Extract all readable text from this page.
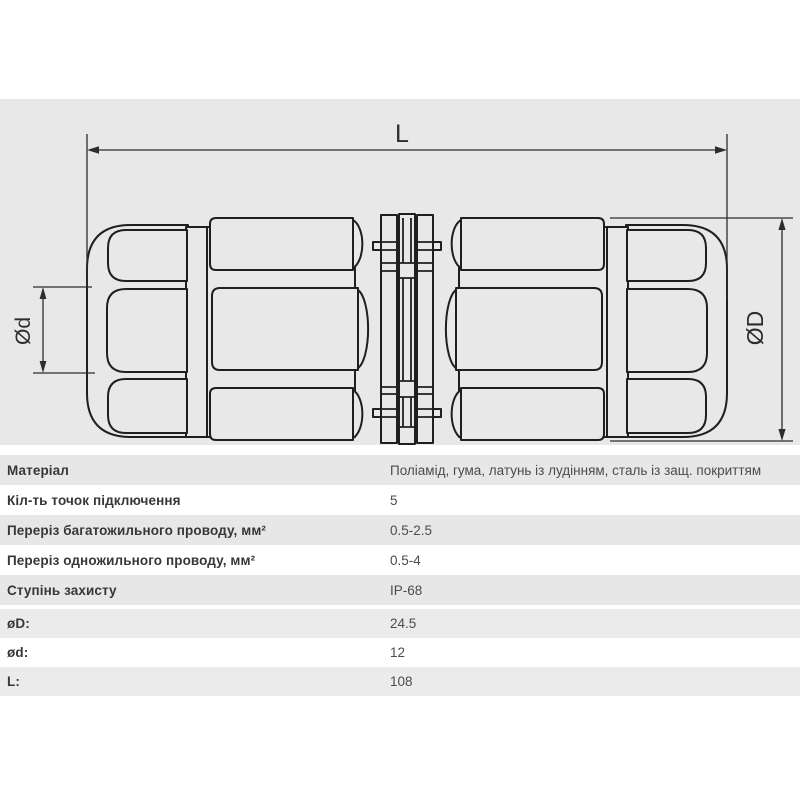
L
ØD
Ød
Матеріал	Поліамід, гума, латунь із лудінням, сталь із защ. покриттям
Кіл-ть точок підключення	5
Переріз багатожильного проводу, мм²	0.5-2.5
Переріз одножильного проводу, мм²	0.5-4
Ступінь захисту	IP-68
øD:	24.5
ød:	12
L:	108
